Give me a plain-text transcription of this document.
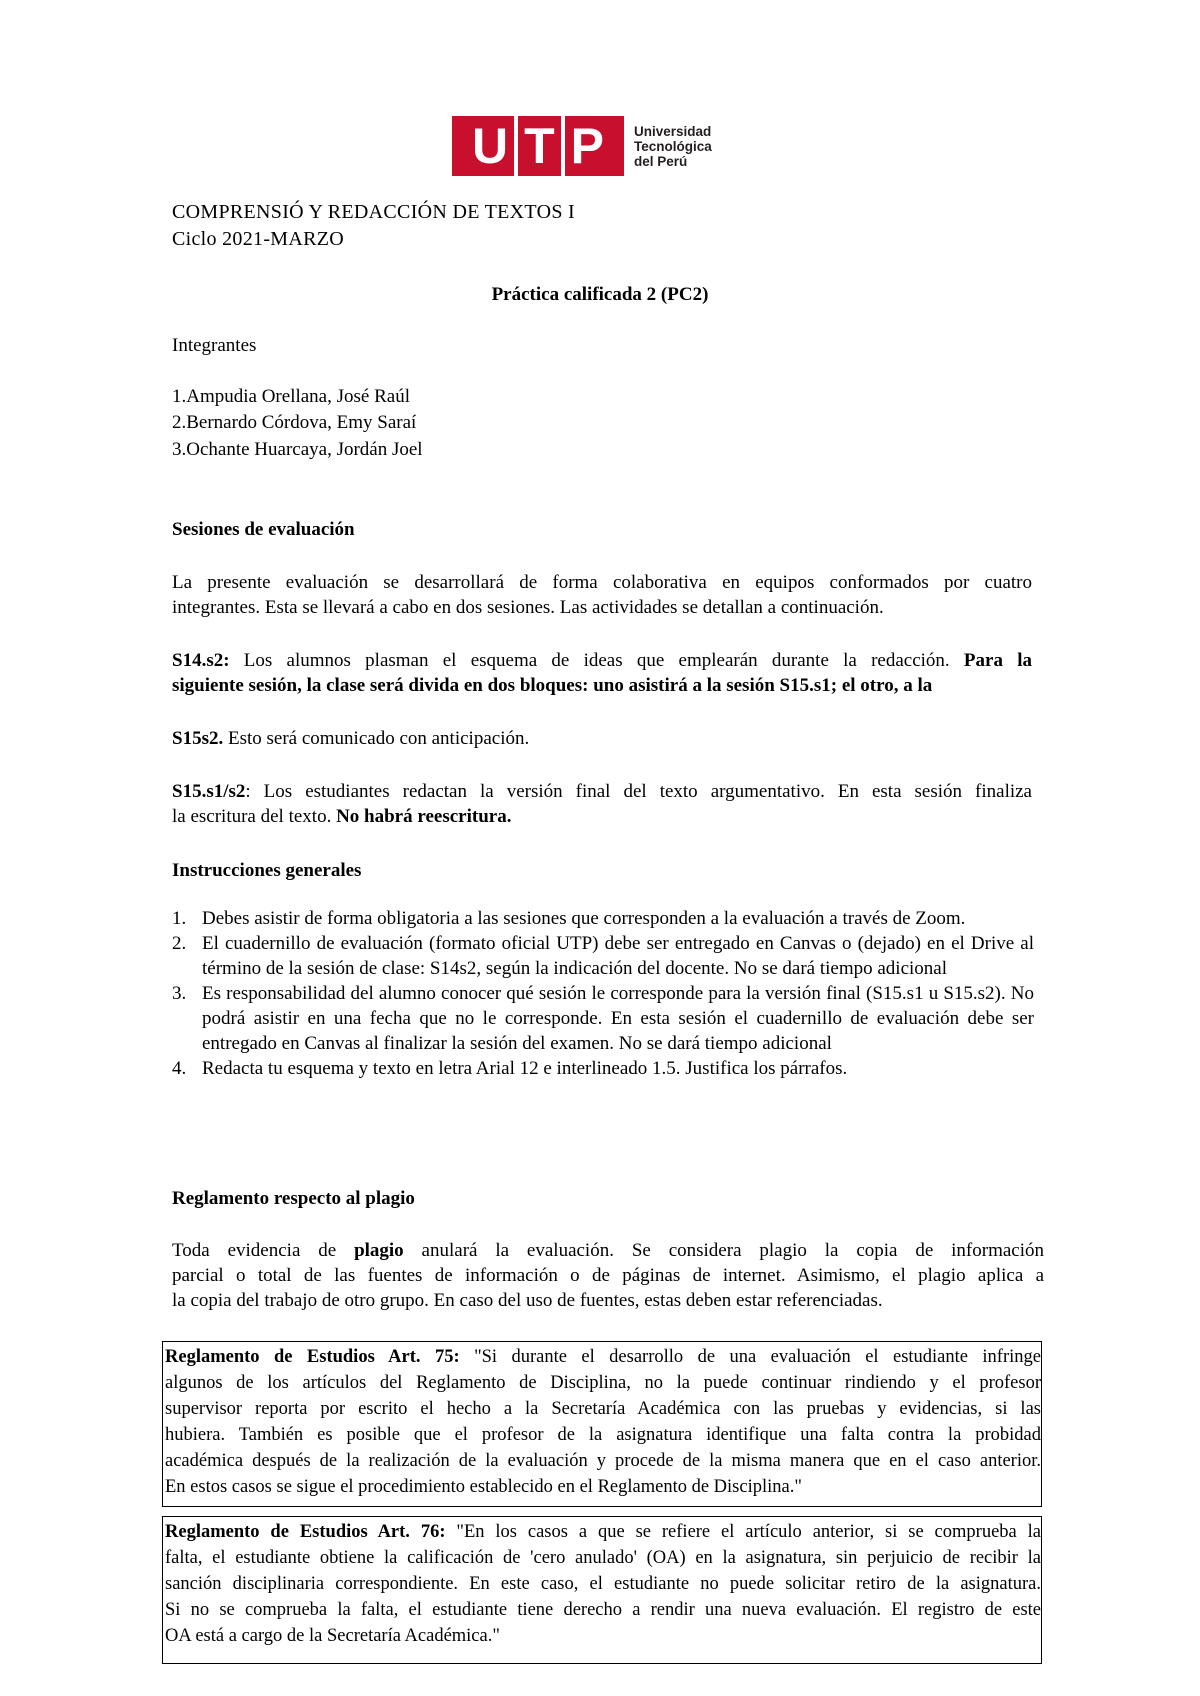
U T P Universidad
Tecnológica
del Perú
COMPRENSIÓ Y REDACCIÓN DE TEXTOS I
Ciclo 2021-MARZO
Práctica calificada 2 (PC2)
Integrantes
1.Ampudia Orellana, José Raúl
2.Bernardo Córdova, Emy Saraí
3.Ochante Huarcaya, Jordán Joel
Sesiones de evaluación
La presente evaluación se desarrollará de forma colaborativa en equipos conformados por cuatro
integrantes. Esta se llevará a cabo en dos sesiones. Las actividades se detallan a continuación.
S14.s2: Los alumnos plasman el esquema de ideas que emplearán durante la redacción. Para la
siguiente sesión, la clase será divida en dos bloques: uno asistirá a la sesión S15.s1; el otro, a la
S15s2. Esto será comunicado con anticipación.
S15.s1/s2: Los estudiantes redactan la versión final del texto argumentativo. En esta sesión finaliza
la escritura del texto. No habrá reescritura.
Instrucciones generales
1. Debes asistir de forma obligatoria a las sesiones que corresponden a la evaluación a través de Zoom.
2. El cuadernillo de evaluación (formato oficial UTP) debe ser entregado en Canvas o (dejado) en el Drive al término de la sesión de clase: S14s2, según la indicación del docente. No se dará tiempo adicional
3. Es responsabilidad del alumno conocer qué sesión le corresponde para la versión final (S15.s1 u S15.s2). No podrá asistir en una fecha que no le corresponde. En esta sesión el cuadernillo de evaluación debe ser entregado en Canvas al finalizar la sesión del examen. No se dará tiempo adicional
4. Redacta tu esquema y texto en letra Arial 12 e interlineado 1.5. Justifica los párrafos.
Reglamento respecto al plagio
Toda evidencia de plagio anulará la evaluación. Se considera plagio la copia de información
parcial o total de las fuentes de información o de páginas de internet. Asimismo, el plagio aplica a
la copia del trabajo de otro grupo. En caso del uso de fuentes, estas deben estar referenciadas.
Reglamento de Estudios Art. 75: "Si durante el desarrollo de una evaluación el estudiante infringe
algunos de los artículos del Reglamento de Disciplina, no la puede continuar rindiendo y el profesor
supervisor reporta por escrito el hecho a la Secretaría Académica con las pruebas y evidencias, si las
hubiera. También es posible que el profesor de la asignatura identifique una falta contra la probidad
académica después de la realización de la evaluación y procede de la misma manera que en el caso anterior.
En estos casos se sigue el procedimiento establecido en el Reglamento de Disciplina."
Reglamento de Estudios Art. 76: "En los casos a que se refiere el artículo anterior, si se comprueba la
falta, el estudiante obtiene la calificación de 'cero anulado' (OA) en la asignatura, sin perjuicio de recibir la
sanción disciplinaria correspondiente. En este caso, el estudiante no puede solicitar retiro de la asignatura.
Si no se comprueba la falta, el estudiante tiene derecho a rendir una nueva evaluación. El registro de este
OA está a cargo de la Secretaría Académica."
